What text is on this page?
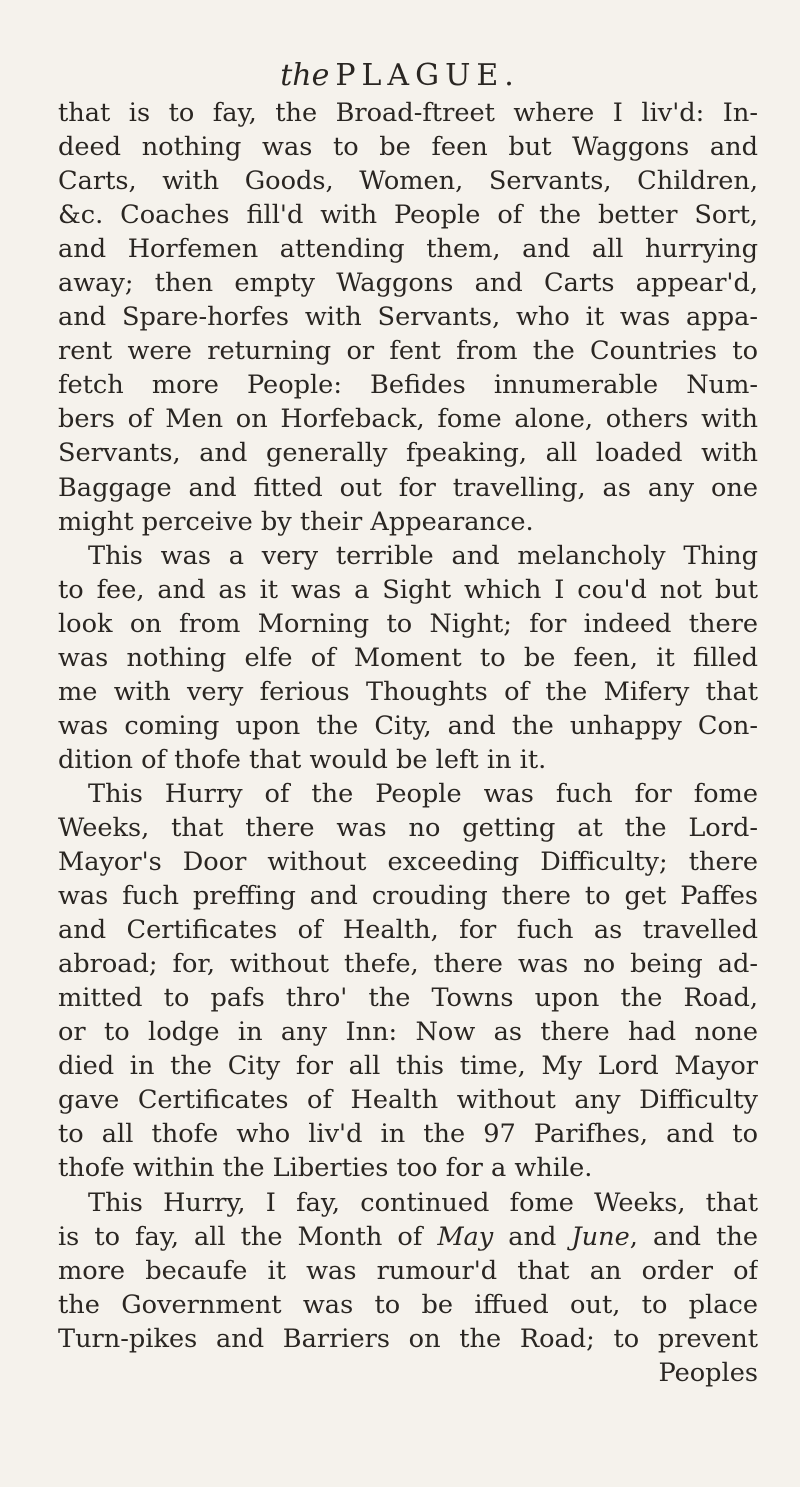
the PLAGUE.
that is to fay, the Broad-ftreet where I liv'd: In-
deed nothing was to be feen but Waggons and
Carts, with Goods, Women, Servants, Children,
&c. Coaches fill'd with People of the better Sort,
and Horfemen attending them, and all hurrying
away; then empty Waggons and Carts appear'd,
and Spare-horfes with Servants, who it was appa-
rent were returning or fent from the Countries to
fetch more People: Befides innumerable Num-
bers of Men on Horfeback, fome alone, others with
Servants, and generally fpeaking, all loaded with
Baggage and fitted out for travelling, as any one
might perceive by their Appearance.
This was a very terrible and melancholy Thing
to fee, and as it was a Sight which I cou'd not but
look on from Morning to Night; for indeed there
was nothing elfe of Moment to be feen, it filled
me with very ferious Thoughts of the Mifery that
was coming upon the City, and the unhappy Con-
dition of thofe that would be left in it.
This Hurry of the People was fuch for fome
Weeks, that there was no getting at the Lord-
Mayor's Door without exceeding Difficulty; there
was fuch preffing and crouding there to get Paffes
and Certificates of Health, for fuch as travelled
abroad; for, without thefe, there was no being ad-
mitted to pafs thro' the Towns upon the Road,
or to lodge in any Inn: Now as there had none
died in the City for all this time, My Lord Mayor
gave Certificates of Health without any Difficulty
to all thofe who liv'd in the 97 Parifhes, and to
thofe within the Liberties too for a while.
This Hurry, I fay, continued fome Weeks, that
is to fay, all the Month of May and June, and the
more becaufe it was rumour'd that an order of
the Government was to be iffued out, to place
Turn-pikes and Barriers on the Road; to prevent
Peoples
